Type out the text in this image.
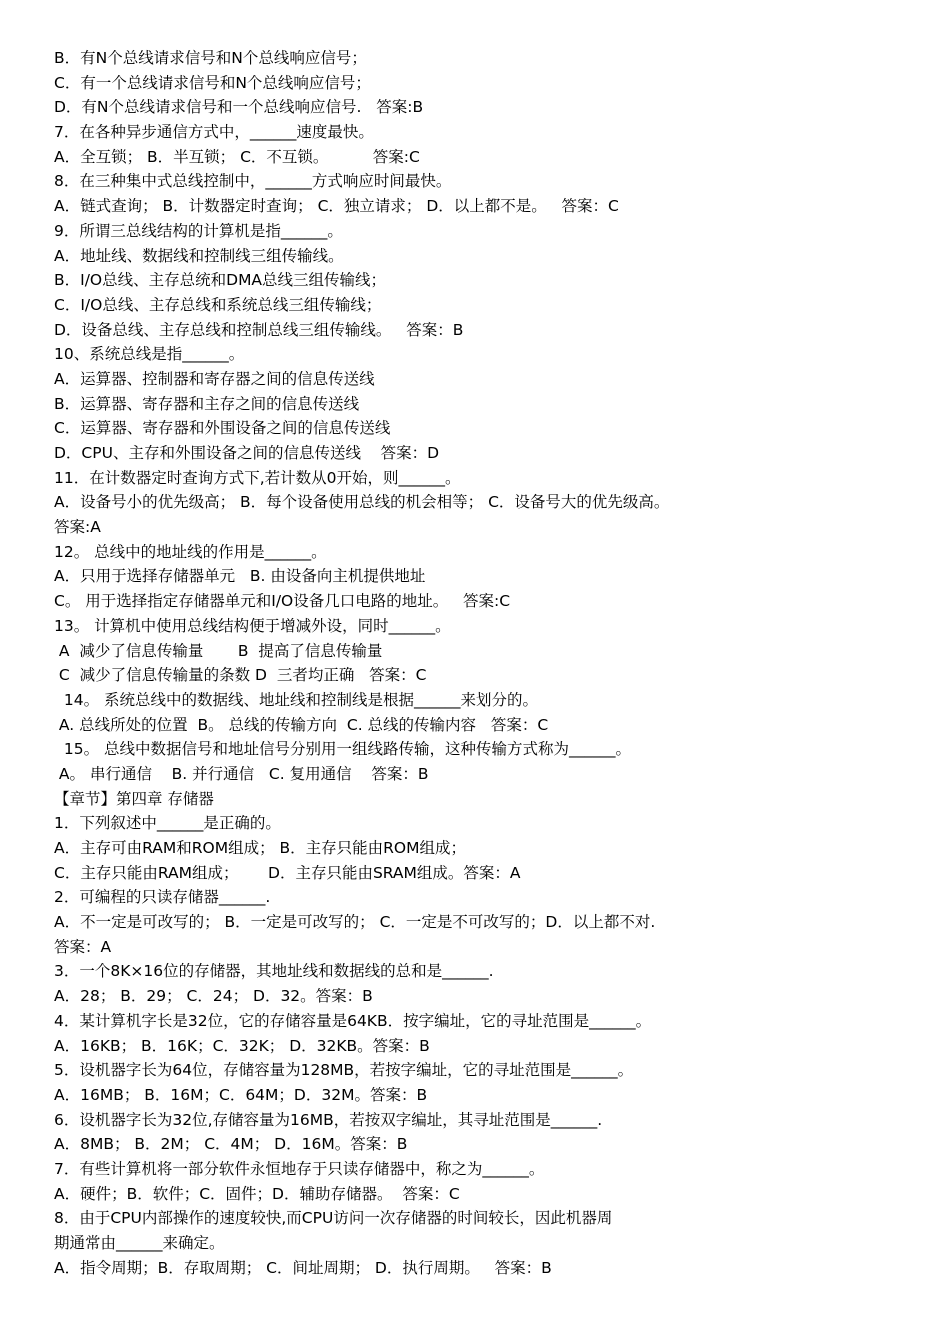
B．有N个总线请求信号和N个总线响应信号；
C．有一个总线请求信号和N个总线响应信号；
D．有N个总线请求信号和一个总线响应信号.   答案:B
7．在各种异步通信方式中，______速度最快。
A．全互锁； B．半互锁； C．不互锁。         答案:C
8．在三种集中式总线控制中，______方式响应时间最快。
A．链式查询； B．计数器定时查询； C．独立请求； D．以上都不是。   答案：C
9．所谓三总线结构的计算机是指______。
A．地址线、数据线和控制线三组传输线。
B．I/O总线、主存总统和DMA总线三组传输线；
C．I/O总线、主存总线和系统总线三组传输线；
D．设备总线、主存总线和控制总线三组传输线。   答案：B
10、系统总线是指______。
A．运算器、控制器和寄存器之间的信息传送线
B．运算器、寄存器和主存之间的信息传送线
C．运算器、寄存器和外围设备之间的信息传送线
D．CPU、主存和外围设备之间的信息传送线    答案：D
11．在计数器定时查询方式下,若计数从0开始，则______。
A．设备号小的优先级高； B．每个设备使用总线的机会相等； C．设备号大的优先级高。
答案:A
12。 总线中的地址线的作用是______。
A．只用于选择存储器单元   B. 由设备向主机提供地址
C。 用于选择指定存储器单元和I/O设备几口电路的地址。   答案:C
13。 计算机中使用总线结构便于增减外设，同时______。
A  减少了信息传输量       B  提高了信息传输量
C  减少了信息传输量的条数 D  三者均正确   答案：C
14。 系统总线中的数据线、地址线和控制线是根据______来划分的。
A. 总线所处的位置  B。 总线的传输方向  C. 总线的传输内容   答案：C
15。 总线中数据信号和地址信号分别用一组线路传输，这种传输方式称为______。
A。 串行通信    B. 并行通信   C. 复用通信    答案：B
【章节】第四章 存储器
1．下列叙述中______是正确的。
A．主存可由RAM和ROM组成； B．主存只能由ROM组成；
C．主存只能由RAM组成；      D．主存只能由SRAM组成。答案：A
2．可编程的只读存储器______.
A．不一定是可改写的； B．一定是可改写的； C．一定是不可改写的；D．以上都不对.
答案：A
3．一个8K×16位的存储器，其地址线和数据线的总和是______.
A．28； B．29； C．24； D．32。答案：B
4．某计算机字长是32位，它的存储容量是64KB．按字编址，它的寻址范围是______。
A．16KB； B．16K；C．32K； D．32KB。答案：B
5．设机器字长为64位，存储容量为128MB，若按字编址，它的寻址范围是______。
A．16MB； B．16M；C．64M；D．32M。答案：B
6．设机器字长为32位,存储容量为16MB，若按双字编址，其寻址范围是______.
A．8MB； B．2M； C．4M； D．16M。答案：B
7．有些计算机将一部分软件永恒地存于只读存储器中，称之为______。
A．硬件；B．软件；C．固件；D．辅助存储器。  答案：C
8．由于CPU内部操作的速度较快,而CPU访问一次存储器的时间较长，因此机器周
期通常由______来确定。
A．指令周期；B．存取周期； C．间址周期； D．执行周期。   答案：B
